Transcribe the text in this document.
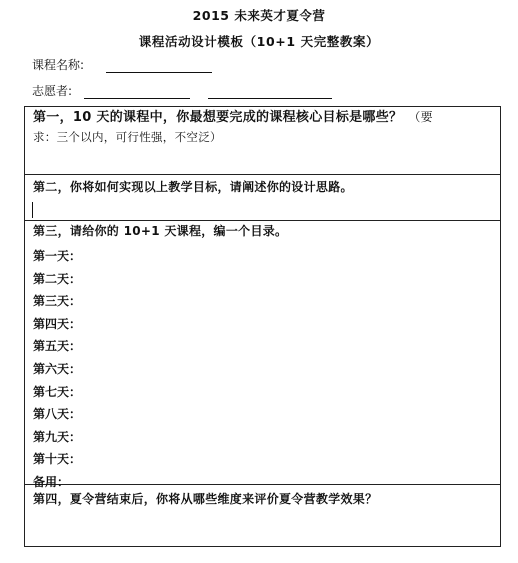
2015 未来英才夏令营
课程活动设计模板（10+1 天完整教案）
课程名称:
志愿者:
第一，10 天的课程中，你最想要完成的课程核心目标是哪些？ （要
求：三个以内，可行性强，不空泛）
第二，你将如何实现以上教学目标，请阐述你的设计思路。
第三，请给你的 10+1 天课程，编一个目录。
第一天：
第二天：
第三天：
第四天：
第五天：
第六天：
第七天：
第八天：
第九天：
第十天：
备用：
第四，夏令营结束后，你将从哪些维度来评价夏令营教学效果？
